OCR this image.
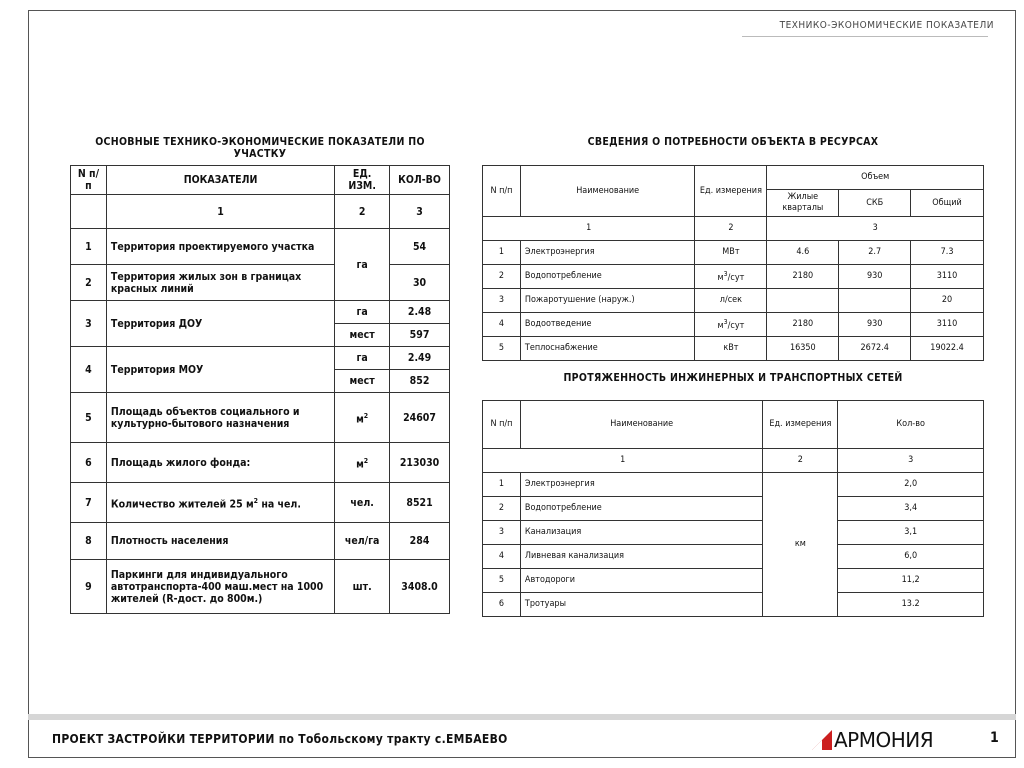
ТЕХНИКО-ЭКОНОМИЧЕСКИЕ ПОКАЗАТЕЛИ
ОСНОВНЫЕ ТЕХНИКО-ЭКОНОМИЧЕСКИЕ ПОКАЗАТЕЛИ ПО УЧАСТКУ
N п/п	ПОКАЗАТЕЛИ	ЕД. ИЗМ.	КОЛ-ВО
	1	2	3
1	Территория проектируемого участка	га	54
2	Территория жилых зон в границах красных линий		30
3	Территория ДОУ	га	2.48
		мест	597
4	Территория МОУ	га	2.49
		мест	852
5	Площадь объектов социального и культурно-бытового назначения	$м^2$	24607
6	Площадь жилого фонда:	$м^2$	213030
7	Количество жителей 25 $м^2$ на чел.	чел.	8521
8	Плотность населения	чел/га	284
9	Паркинги для индивидуального автотранспорта-400 маш.мест на 1000 жителей (R-дост. до 800м.)	шт.	3408.0
СВЕДЕНИЯ О ПОТРЕБНОСТИ ОБЪЕКТА В РЕСУРСАХ
N п/п	Наименование	Ед. измерения	Объем		
			Жилые кварталы	СКБ	Общий
1		2	3		
1	Электроэнергия	МВт	4.6	2.7	7.3
2	Водопотребление	$м^3$/сут	2180	930	3110
3	Пожаротушение (наруж.)	л/сек			20
4	Водоотведение	$м^3$/сут	2180	930	3110
5	Теплоснабжение	кВт	16350	2672.4	19022.4
ПРОТЯЖЕННОСТЬ ИНЖИНЕРНЫХ И ТРАНСПОРТНЫХ СЕТЕЙ
N п/п	Наименование	Ед. измерения	Кол-во
1		2	3
1	Электроэнергия	км	2,0
2	Водопотребление		3,4
3	Канализация		3,1
4	Ливневая канализация		6,0
5	Автодороги		11,2
6	Тротуары		13.2
ПРОЕКТ ЗАСТРОЙКИ ТЕРРИТОРИИ по Тобольскому тракту с.ЕМБАЕВО	АРМОНИЯ	1
